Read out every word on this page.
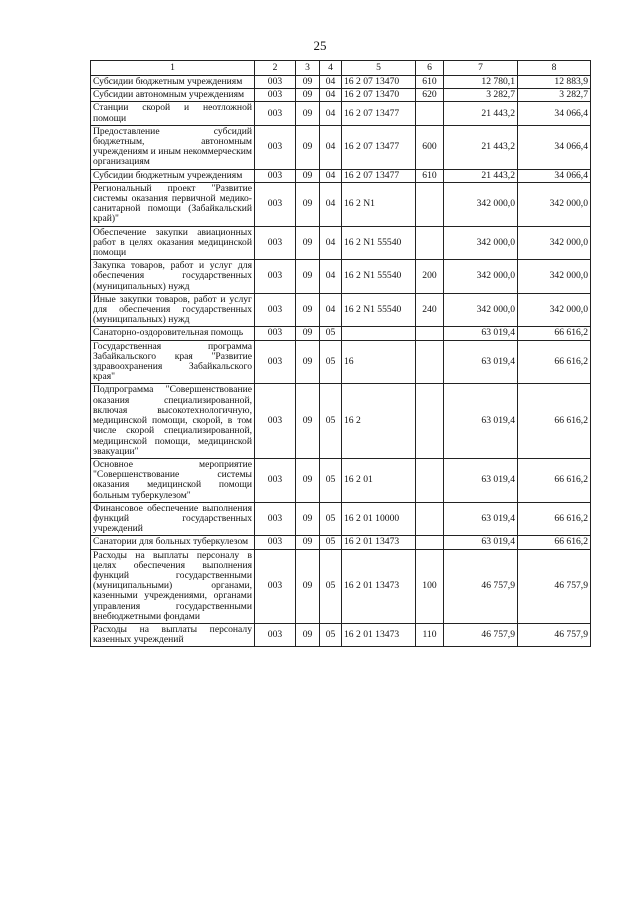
25
1	2	3	4	5	6	7	8
Субсидии бюджетным учреждениям	003	09	04	16 2 07 13470	610	12 780,1	12 883,9
Субсидии автономным учреждениям	003	09	04	16 2 07 13470	620	3 282,7	3 282,7
Станции скорой и неотложной помощи	003	09	04	16 2 07 13477		21 443,2	34 066,4
Предоставление субсидий бюджетным, автономным учреждениям и иным некоммерческим организациям	003	09	04	16 2 07 13477	600	21 443,2	34 066,4
Субсидии бюджетным учреждениям	003	09	04	16 2 07 13477	610	21 443,2	34 066,4
Региональный проект "Развитие системы оказания первичной медико-санитарной помощи (Забайкальский край)"	003	09	04	16 2 N1		342 000,0	342 000,0
Обеспечение закупки авиационных работ в целях оказания медицинской помощи	003	09	04	16 2 N1 55540		342 000,0	342 000,0
Закупка товаров, работ и услуг для обеспечения государственных (муниципальных) нужд	003	09	04	16 2 N1 55540	200	342 000,0	342 000,0
Иные закупки товаров, работ и услуг для обеспечения государственных (муниципальных) нужд	003	09	04	16 2 N1 55540	240	342 000,0	342 000,0
Санаторно-оздоровительная помощь	003	09	05			63 019,4	66 616,2
Государственная программа Забайкальского края "Развитие здравоохранения Забайкальского края"	003	09	05	16		63 019,4	66 616,2
Подпрограмма "Совершенствование оказания специализированной, включая высокотехнологичную, медицинской помощи, скорой, в том числе скорой специализированной, медицинской помощи, медицинской эвакуации"	003	09	05	16 2		63 019,4	66 616,2
Основное мероприятие "Совершенствование системы оказания медицинской помощи больным туберкулезом"	003	09	05	16 2 01		63 019,4	66 616,2
Финансовое обеспечение выполнения функций государственных учреждений	003	09	05	16 2 01 10000		63 019,4	66 616,2
Санатории для больных туберкулезом	003	09	05	16 2 01 13473		63 019,4	66 616,2
Расходы на выплаты персоналу в целях обеспечения выполнения функций государственными (муниципальными) органами, казенными учреждениями, органами управления государственными внебюджетными фондами	003	09	05	16 2 01 13473	100	46 757,9	46 757,9
Расходы на выплаты персоналу казенных учреждений	003	09	05	16 2 01 13473	110	46 757,9	46 757,9
